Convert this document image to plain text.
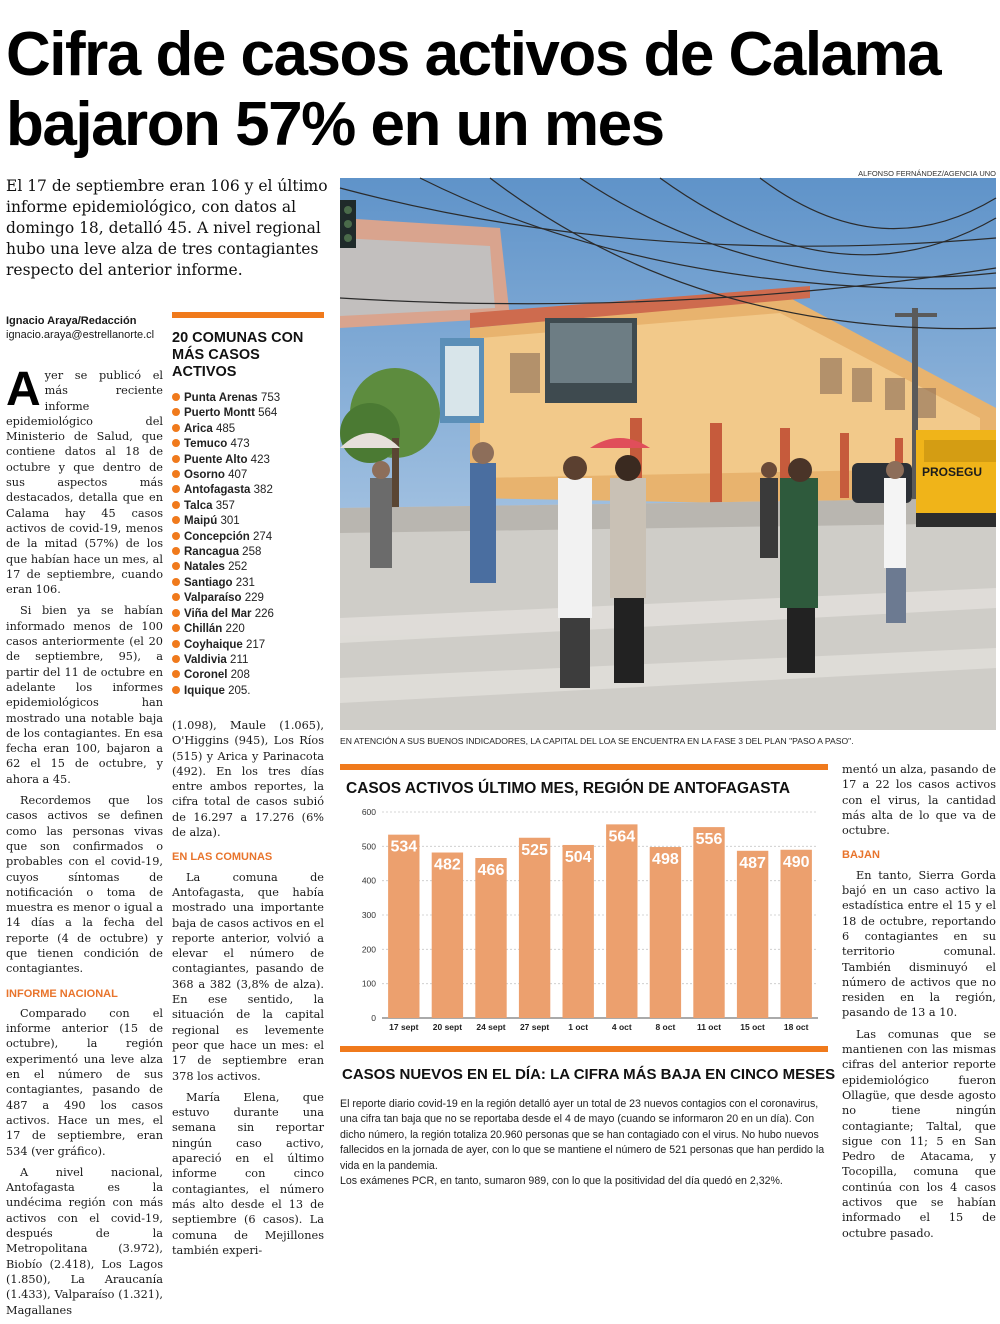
Cifra de casos activos de Calama
bajaron 57% en un mes
El 17 de septiembre eran 106 y el último informe epidemiológico, con datos al domingo 18, detalló 45. A nivel regional hubo una leve alza de tres contagiantes respecto del anterior informe.
Ignacio Araya/Redacción
ignacio.araya@estrellanorte.cl

Ayer se publicó el más reciente informe epidemiológico del Ministerio de Salud, que contiene datos al 18 de octubre y que dentro de sus aspectos más destacados, detalla que en Calama hay 45 casos activos de covid-19, menos de la mitad (57%) de los que habían hace un mes, al 17 de septiembre, cuando eran 106.

Si bien ya se habían informado menos de 100 casos anteriormente (el 20 de septiembre, 95), a partir del 11 de octubre en adelante los informes epidemiológicos han mostrado una notable baja de los contagiantes. En esa fecha eran 100, bajaron a 62 el 15 de octubre, y ahora a 45.

Recordemos que los casos activos se definen como las personas vivas que son confirmados o probables con el covid-19, cuyos síntomas de notificación o toma de muestra es menor o igual a 14 días a la fecha del reporte (4 de octubre) y que tienen condición de contagiantes.

INFORME NACIONAL

Comparado con el informe anterior (15 de octubre), la región experimentó una leve alza en el número de sus contagiantes, pasando de 487 a 490 los casos activos. Hace un mes, el 17 de septiembre, eran 534 (ver gráfico).

A nivel nacional, Antofagasta es la undécima región con más activos con el covid-19, después de la Metropolitana (3.972), Biobío (2.418), Los Lagos (1.850), La Araucanía (1.433), Valparaíso (1.321), Magallanes

20 COMUNAS CON MÁS CASOS ACTIVOS
Punta Arenas 753
Puerto Montt 564
Arica 485
Temuco 473
Puente Alto 423
Osorno 407
Antofagasta 382
Talca 357
Maipú 301
Concepción 274
Rancagua 258
Natales 252
Santiago 231
Valparaíso 229
Viña del Mar 226
Chillán 220
Coyhaique 217
Valdivia 211
Coronel 208
Iquique 205.

(1.098), Maule (1.065), O'Higgins (945), Los Ríos (515) y Arica y Parinacota (492). En los tres días entre ambos reportes, la cifra total de casos subió de 16.297 a 17.276 (6% de alza).

EN LAS COMUNAS

La comuna de Antofagasta, que había mostrado una importante baja de casos activos en el reporte anterior, volvió a elevar el número de contagiantes, pasando de 368 a 382 (3,8% de alza). En ese sentido, la situación de la capital regional es levemente peor que hace un mes: el 17 de septiembre eran 378 los activos.

María Elena, que estuvo durante una semana sin reportar ningún caso activo, apareció en el último informe con cinco contagiantes, el número más alto desde el 13 de septiembre (6 casos). La comuna de Mejillones también experi-

ALFONSO FERNÁNDEZ/AGENCIA UNO
PROSEGU
EN ATENCIÓN A SUS BUENOS INDICADORES, LA CAPITAL DEL LOA SE ENCUENTRA EN LA FASE 3 DEL PLAN "PASO A PASO".
CASOS ACTIVOS ÚLTIMO MES, REGIÓN DE ANTOFAGASTA
0
100
200
300
400
500
600
534
17 sept
482
20 sept
466
24 sept
525
27 sept
504
1 oct
564
4 oct
498
8 oct
556
11 oct
487
15 oct
490
18 oct

mentó un alza, pasando de 17 a 22 los casos activos con el virus, la cantidad más alta de lo que va de octubre.

BAJAN

En tanto, Sierra Gorda bajó en un caso activo la estadística entre el 15 y el 18 de octubre, reportando 6 contagiantes en su territorio comunal. También disminuyó el número de activos que no residen en la región, pasando de 13 a 10.

Las comunas que se mantienen con las mismas cifras del anterior reporte epidemiológico fueron Ollagüe, que desde agosto no tiene ningún contagiante; Taltal, que sigue con 11; 5 en San Pedro de Atacama, y Tocopilla, comuna que continúa con los 4 casos activos que se habían informado el 15 de octubre pasado.

CASOS NUEVOS EN EL DÍA: LA CIFRA MÁS BAJA EN CINCO MESES

El reporte diario covid-19 en la región detalló ayer un total de 23 nuevos contagios con el coronavirus, una cifra tan baja que no se reportaba desde el 4 de mayo (cuando se informaron 20 en un día). Con dicho número, la región totaliza 20.960 personas que se han contagiado con el virus. No hubo nuevos fallecidos en la jornada de ayer, con lo que se mantiene el número de 521 personas que han perdido la vida en la pandemia.

Los exámenes PCR, en tanto, sumaron 989, con lo que la positividad del día quedó en 2,32%.
